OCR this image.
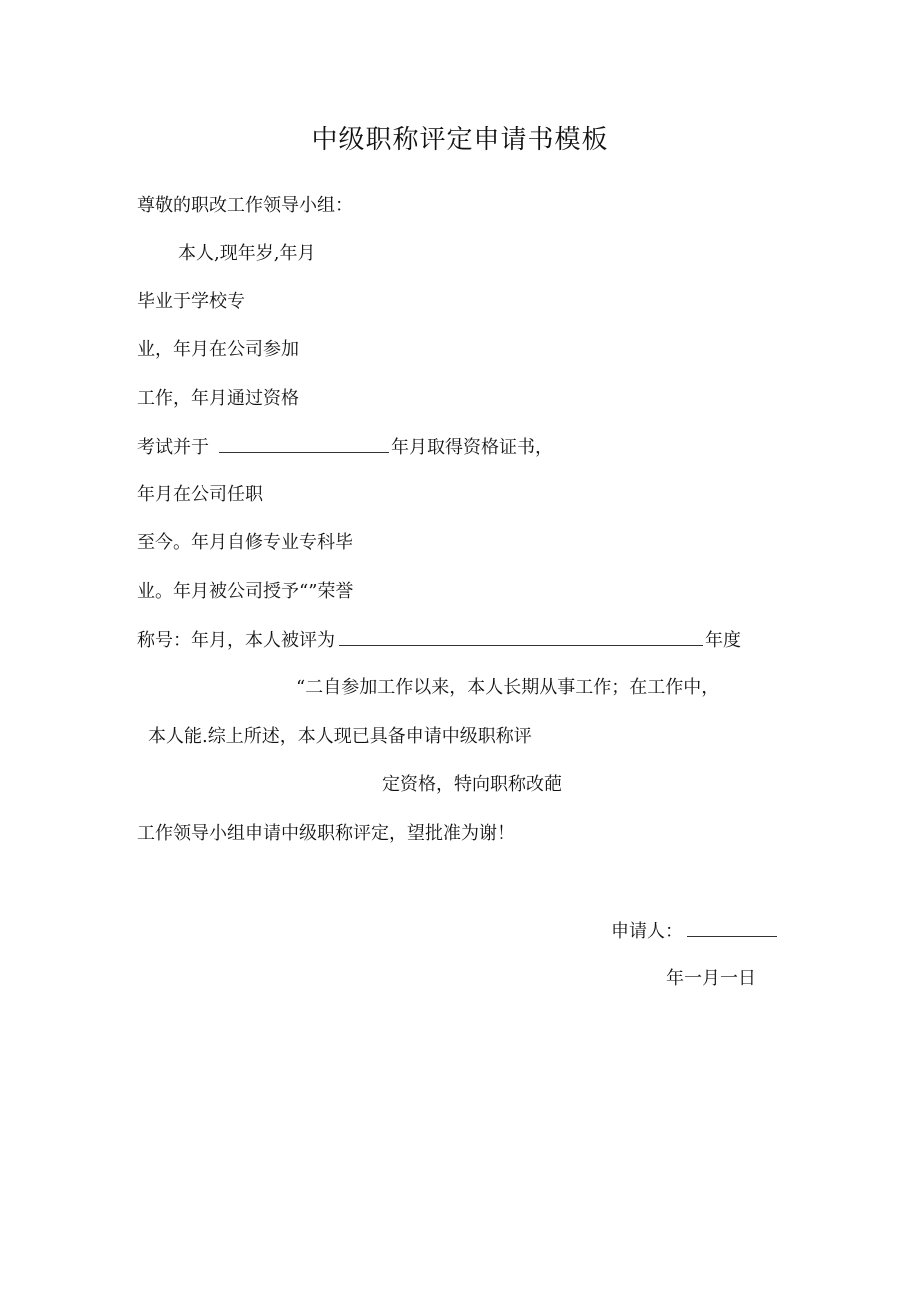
中级职称评定申请书模板
尊敬的职改工作领导小组：
本人,现年岁,年月
毕业于学校专
业，年月在公司参加
工作，年月通过资格
考试并于	年月取得资格证书，
年月在公司任职
至今。年月自修专业专科毕
业。年月被公司授予“”荣誉
称号：年月，本人被评为	年度
“二自参加工作以来，本人长期从事工作；在工作中，
本人能.综上所述，本人现已具备申请中级职称评
定资格，特向职称改葩
工作领导小组申请中级职称评定，望批准为谢！
申请人：
年一月一日
